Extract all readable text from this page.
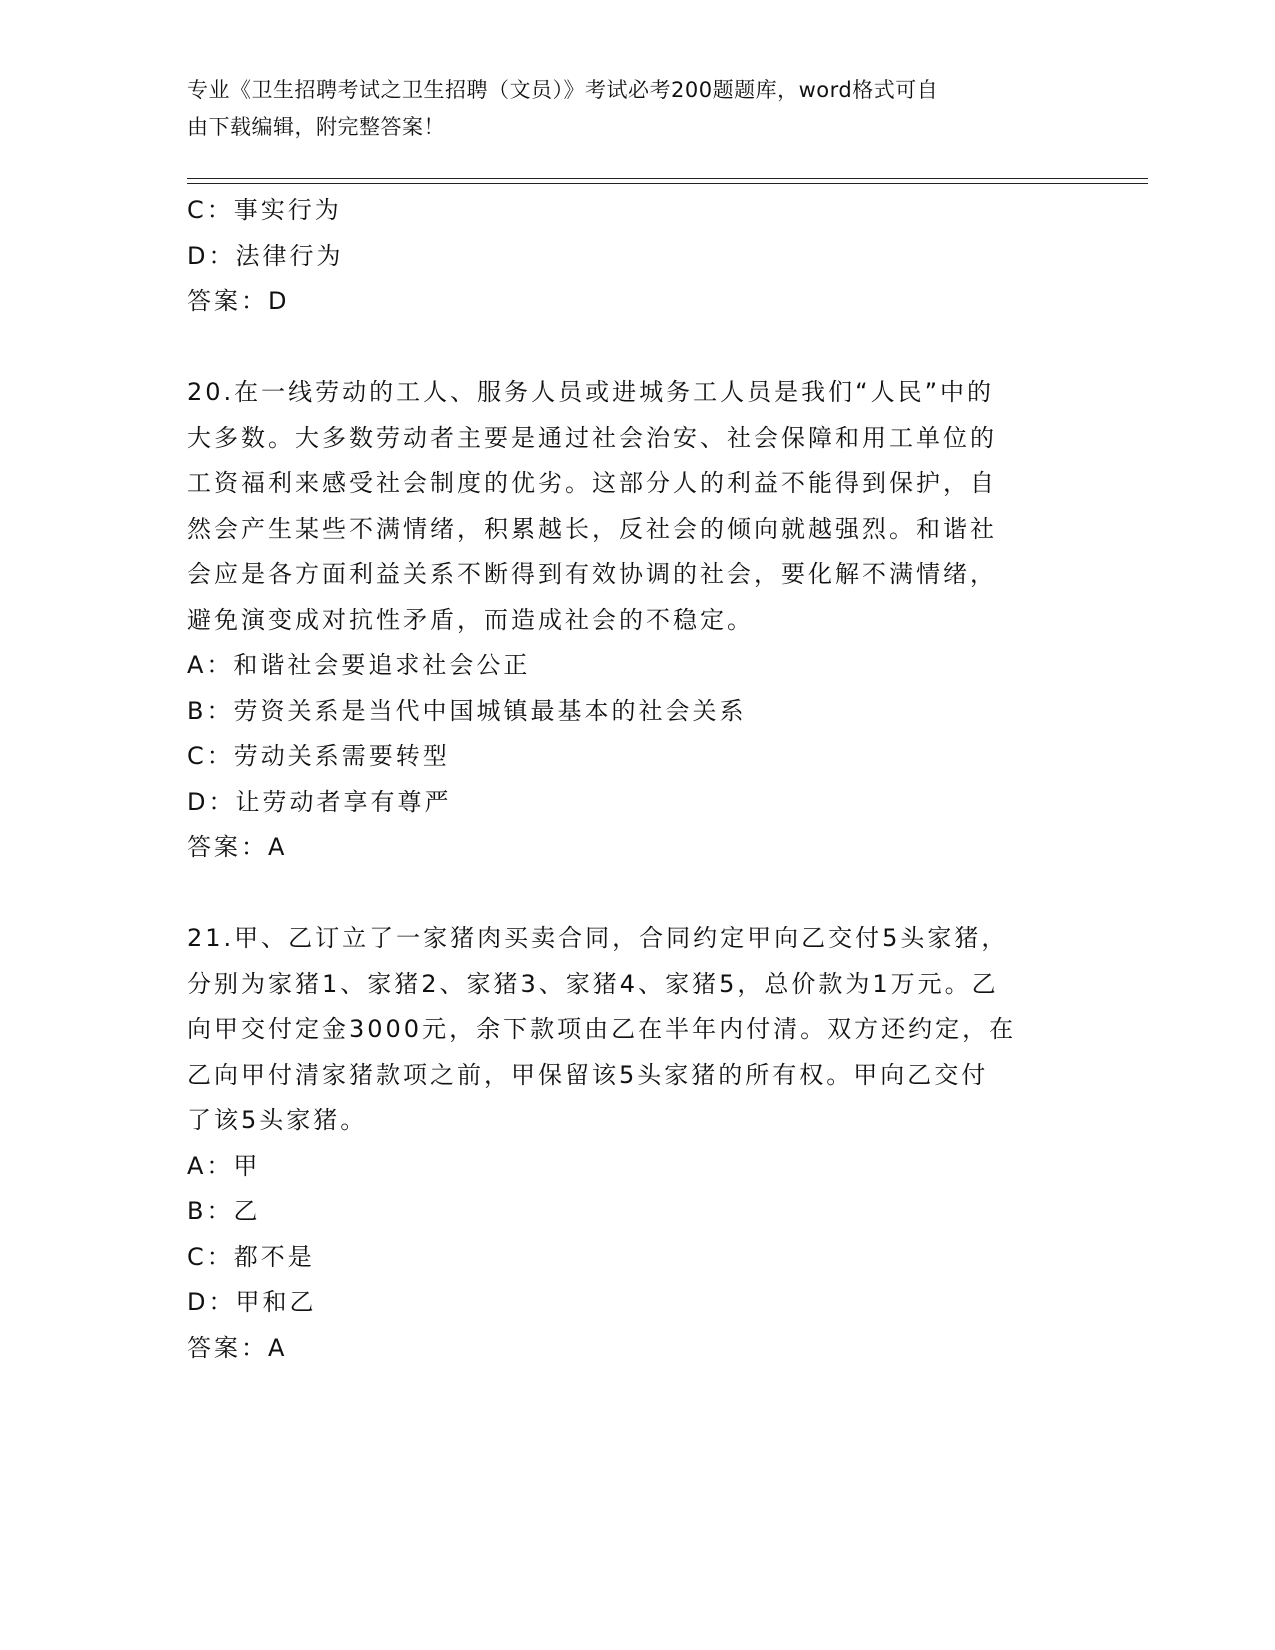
专业《卫生招聘考试之卫生招聘（文员）》考试必考200题题库，word格式可自
由下载编辑，附完整答案！
C：事实行为
D：法律行为
答案：D
20.在一线劳动的工人、服务人员或进城务工人员是我们“人民”中的
大多数。大多数劳动者主要是通过社会治安、社会保障和用工单位的
工资福利来感受社会制度的优劣。这部分人的利益不能得到保护，自
然会产生某些不满情绪，积累越长，反社会的倾向就越强烈。和谐社
会应是各方面利益关系不断得到有效协调的社会，要化解不满情绪，
避免演变成对抗性矛盾，而造成社会的不稳定。
A：和谐社会要追求社会公正
B：劳资关系是当代中国城镇最基本的社会关系
C：劳动关系需要转型
D：让劳动者享有尊严
答案：A
21.甲、乙订立了一家猪肉买卖合同，合同约定甲向乙交付5头家猪，
分别为家猪1、家猪2、家猪3、家猪4、家猪5，总价款为1万元。乙
向甲交付定金3000元，余下款项由乙在半年内付清。双方还约定，在
乙向甲付清家猪款项之前，甲保留该5头家猪的所有权。甲向乙交付
了该5头家猪。
A：甲
B：乙
C：都不是
D：甲和乙
答案：A
